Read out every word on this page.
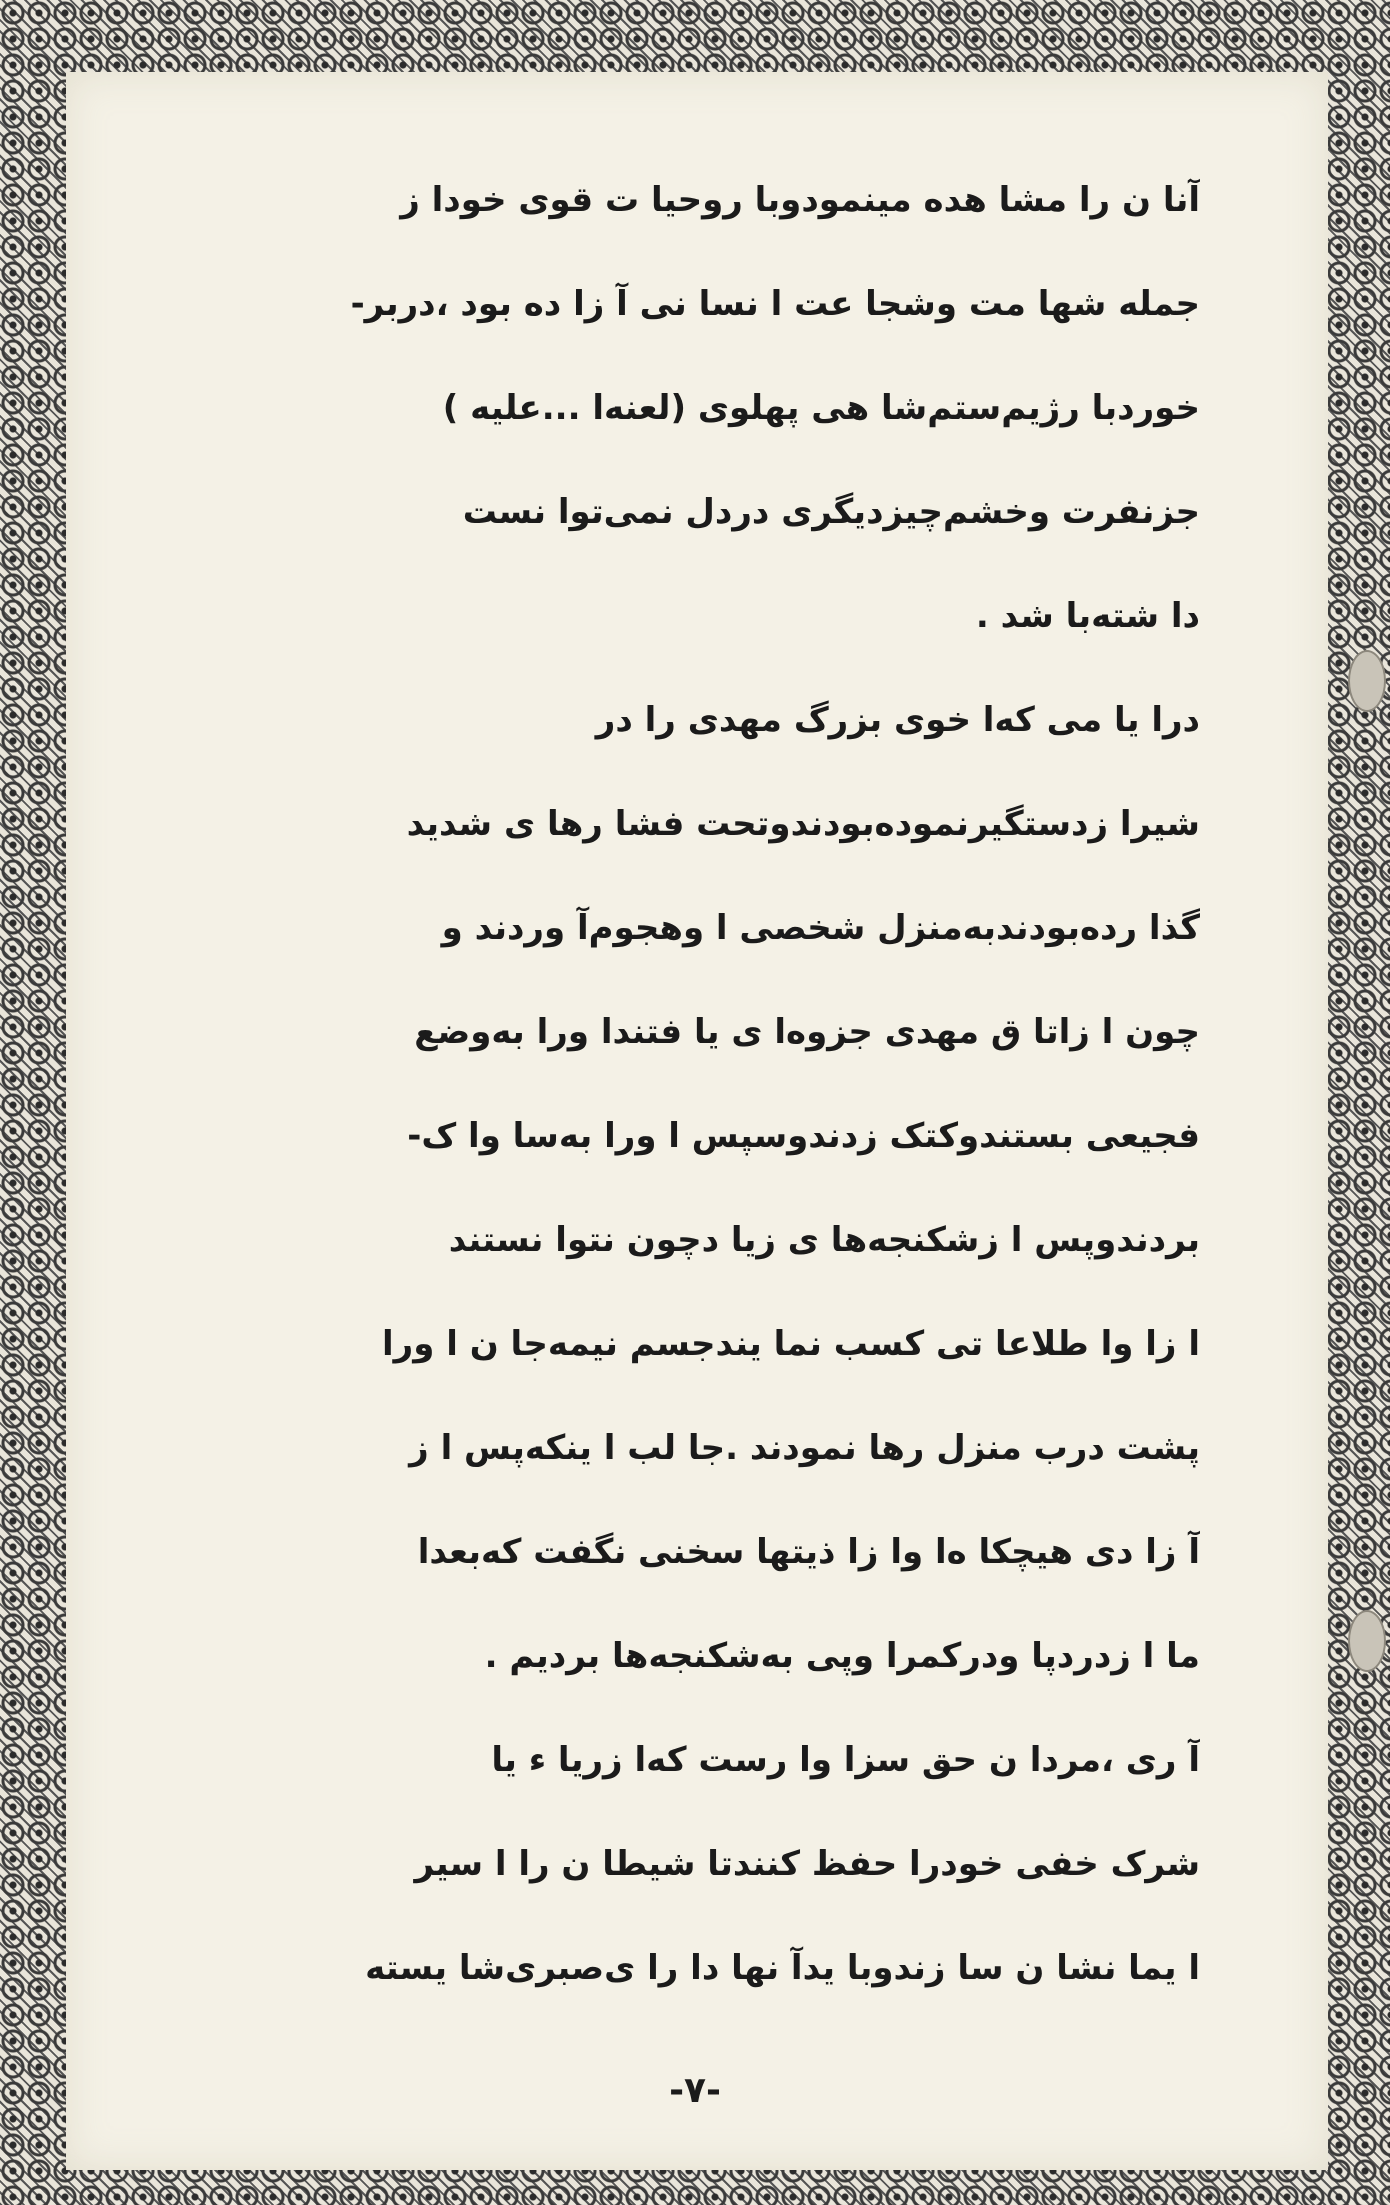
آنا ن را مشا هده مینمودوبا روحیا ت قوی خودا ز
جمله شها مت وشجا عت ا نسا نی آ زا ده بود ،دربر-
خوردبا رژیم‌ستم‌شا هی پهلوی (لعنه‌ا ...علیه )
جزنفرت وخشم‌چیزدیگری دردل نمی‌توا نست
دا شته‌با شد .
درا یا می که‌ا خوی بزرگ مهدی را در
شیرا زدستگیرنموده‌بودندوتحت فشا رها ی شدید
گذا رده‌بودندبه‌منزل شخصی ا وهجوم‌آ وردند و
چون ا زاتا ق مهدی جزوه‌ا ی یا فتندا ورا به‌وضع
فجیعی بستندوکتک زدندوسپس ا ورا به‌سا وا ک-
بردندوپس ا زشکنجه‌ها ی زیا دچون نتوا نستند
ا زا وا طلاعا تی کسب نما یندجسم نیمه‌جا ن ا ورا
پشت درب منزل رها نمودند .جا لب ا ینکه‌پس ا ز
آ زا دی هیچکا ه‌ا وا زا ذیتها سخنی نگفت که‌بعدا
ما ا زدردپا ودرکمرا وپی به‌شکنجه‌ها بردیم .
آ ری ،مردا ن حق سزا وا رست که‌ا زریا ء یا
شرک خفی خودرا حفظ کنندتا شیطا ن را ا سیر
ا یما نشا ن سا زندوبا یدآ نها دا را ی‌صبری‌شا یسته
-۷-
